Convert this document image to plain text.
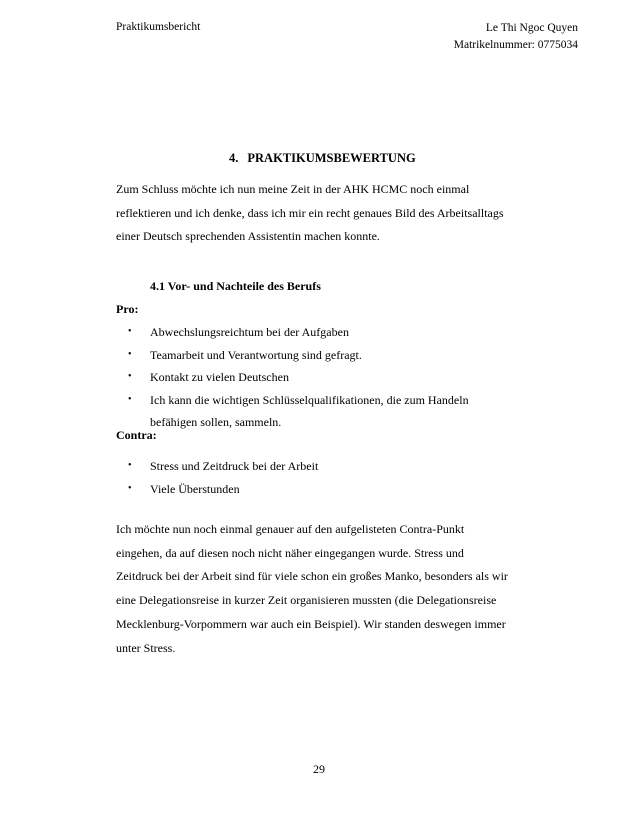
Praktikumsbericht	Le Thi Ngoc Quyen
Matrikelnummer: 0775034
4. PRAKTIKUMSBEWERTUNG

Zum Schluss möchte ich nun meine Zeit in der AHK HCMC noch einmal
reflektieren und ich denke, dass ich mir ein recht genaues Bild des Arbeitsalltags
einer Deutsch sprechenden Assistentin machen konnte.

4.1 Vor- und Nachteile des Berufs
Pro:
• Abwechslungsreichtum bei der Aufgaben
• Teamarbeit und Verantwortung sind gefragt.
• Kontakt zu vielen Deutschen
• Ich kann die wichtigen Schlüsselqualifikationen, die zum Handeln
befähigen sollen, sammeln.
Contra:
• Stress und Zeitdruck bei der Arbeit
• Viele Überstunden

Ich möchte nun noch einmal genauer auf den aufgelisteten Contra-Punkt
eingehen, da auf diesen noch nicht näher eingegangen wurde. Stress und
Zeitdruck bei der Arbeit sind für viele schon ein großes Manko, besonders als wir
eine Delegationsreise in kurzer Zeit organisieren mussten (die Delegationsreise
Mecklenburg-Vorpommern war auch ein Beispiel). Wir standen deswegen immer
unter Stress.

29
